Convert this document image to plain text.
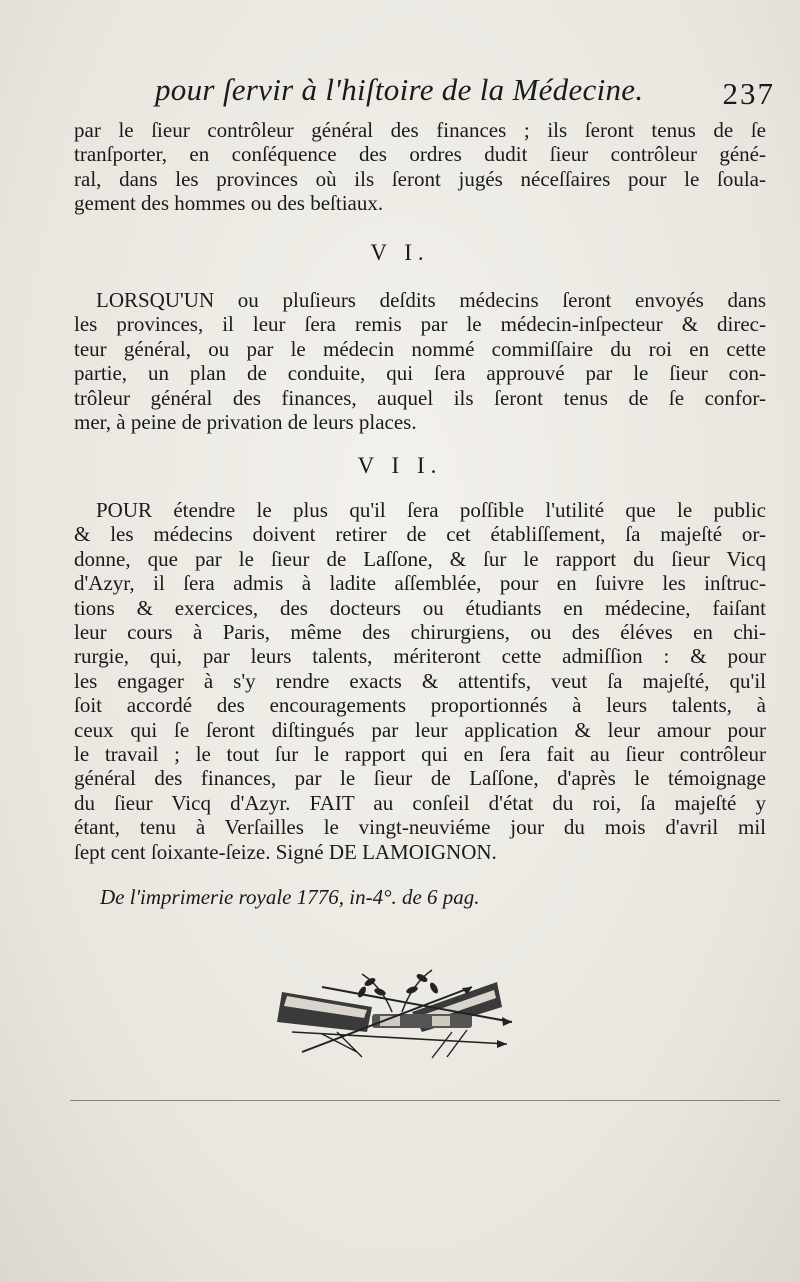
pour ſervir à l'hiſtoire de la Médecine.	237
par le ſieur contrôleur général des finances ; ils ſeront tenus de ſe
tranſporter, en conſéquence des ordres dudit ſieur contrôleur géné-
ral, dans les provinces où ils ſeront jugés néceſſaires pour le ſoula-
gement des hommes ou des beſtiaux.
V I.
LORSQU'UN ou pluſieurs deſdits médecins ſeront envoyés dans
les provinces, il leur ſera remis par le médecin-inſpecteur & direc-
teur général, ou par le médecin nommé commiſſaire du roi en cette
partie, un plan de conduite, qui ſera approuvé par le ſieur con-
trôleur général des finances, auquel ils ſeront tenus de ſe confor-
mer, à peine de privation de leurs places.
V I I.
POUR étendre le plus qu'il ſera poſſible l'utilité que le public
& les médecins doivent retirer de cet établiſſement, ſa majeſté or-
donne, que par le ſieur de Laſſone, & ſur le rapport du ſieur Vicq
d'Azyr, il ſera admis à ladite aſſemblée, pour en ſuivre les inſtruc-
tions & exercices, des docteurs ou étudiants en médecine, faiſant
leur cours à Paris, même des chirurgiens, ou des éléves en chi-
rurgie, qui, par leurs talents, mériteront cette admiſſion : & pour
les engager à s'y rendre exacts & attentifs, veut ſa majeſté, qu'il
ſoit accordé des encouragements proportionnés à leurs talents, à
ceux qui ſe ſeront diſtingués par leur application & leur amour pour
le travail ; le tout ſur le rapport qui en ſera fait au ſieur contrôleur
général des finances, par le ſieur de Laſſone, d'après le témoignage
du ſieur Vicq d'Azyr. FAIT au conſeil d'état du roi, ſa majeſté y
étant, tenu à Verſailles le vingt-neuviéme jour du mois d'avril mil
ſept cent ſoixante-ſeize. Signé DE LAMOIGNON.
De l'imprimerie royale 1776, in-4°. de 6 pag.
